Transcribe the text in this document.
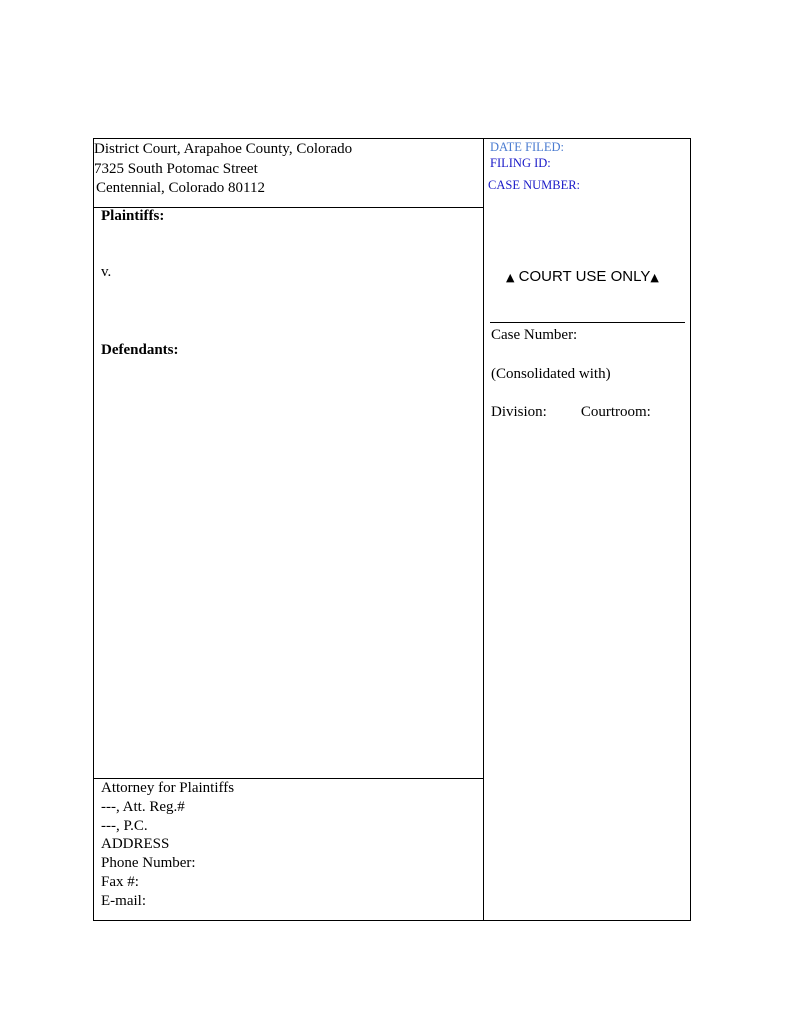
District Court, Arapahoe County, Colorado
7325 South Potomac Street
Centennial, Colorado 80112
Plaintiffs:
v.
Defendants:
Attorney for Plaintiffs
---, Att. Reg.#
---, P.C.
ADDRESS
Phone Number:
Fax #:
E-mail:
DATE FILED:
FILING ID:
CASE NUMBER:
▲ COURT USE ONLY▲
Case Number:
(Consolidated with)
Division: Courtroom:
